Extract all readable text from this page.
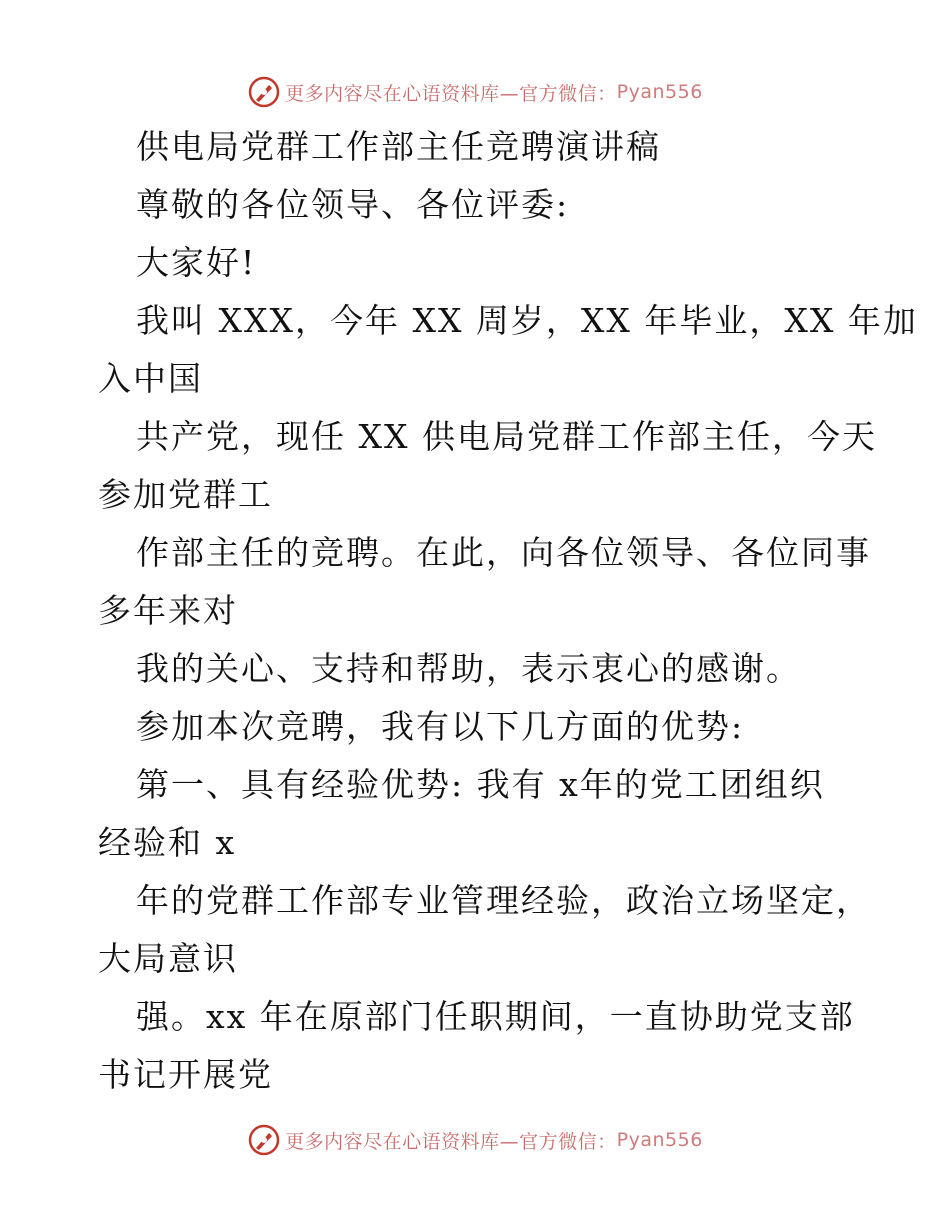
更多内容尽在心语资料库—官方微信： Pyan556
供电局党群工作部主任竞聘演讲稿
尊敬的各位领导、各位评委:
大家好!
我叫 XXX，今年 XX 周岁，XX 年毕业，XX 年加
入中国
共产党，现任 XX 供电局党群工作部主任，今天
参加党群工
作部主任的竞聘。在此，向各位领导、各位同事
多年来对
我的关心、支持和帮助，表示衷心的感谢。
参加本次竞聘，我有以下几方面的优势:
第一、具有经验优势: 我有 x年的党工团组织
经验和 x
年的党群工作部专业管理经验，政治立场坚定，
大局意识
强。xx 年在原部门任职期间，一直协助党支部
书记开展党
更多内容尽在心语资料库—官方微信： Pyan556
